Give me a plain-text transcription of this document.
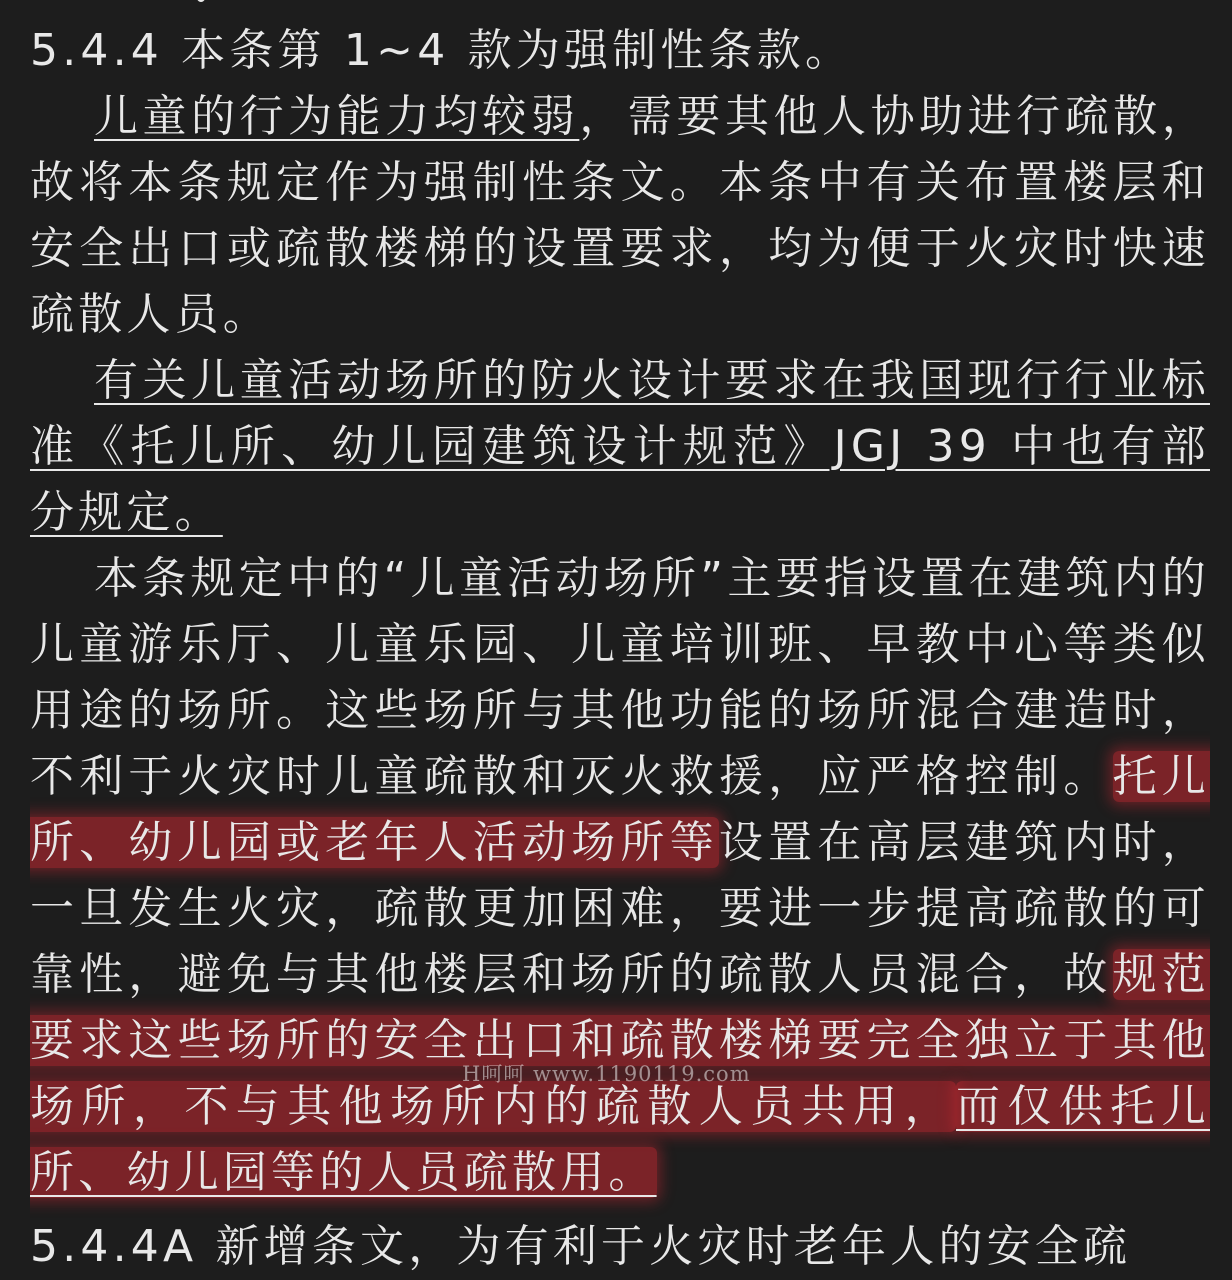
5.4.4 本条第 1~4 款为强制性条款。

儿童的行为能力均较弱，需要其他人协助进行疏散，故将本条规定作为强制性条文。本条中有关布置楼层和安全出口或疏散楼梯的设置要求，均为便于火灾时快速疏散人员。

有关儿童活动场所的防火设计要求在我国现行行业标准《托儿所、幼儿园建筑设计规范》JGJ 39 中也有部分规定。

本条规定中的“儿童活动场所”主要指设置在建筑内的儿童游乐厅、儿童乐园、儿童培训班、早教中心等类似用途的场所。这些场所与其他功能的场所混合建造时，不利于火灾时儿童疏散和灭火救援，应严格控制。托儿所、幼儿园或老年人活动场所等设置在高层建筑内时，一旦发生火灾，疏散更加困难，要进一步提高疏散的可靠性，避免与其他楼层和场所的疏散人员混合，故规范要求这些场所的安全出口和疏散楼梯要完全独立于其他场所，不与其他场所内的疏散人员共用，而仅供托儿所、幼儿园等的人员疏散用。

5.4.4A 新增条文，为有利于火灾时老年人的安全疏
H呵呵 www.1190119.com
